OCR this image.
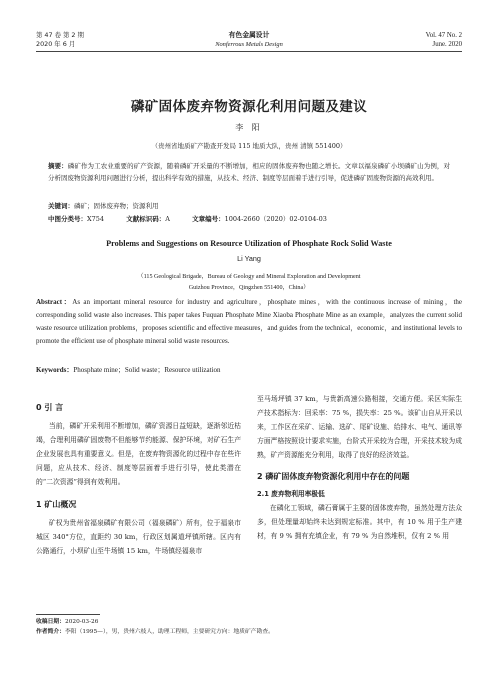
第 47 卷 第 2 期
2020 年 6 月
有色金属设计
Nonferrous Metals Design
Vol. 47 No. 2
June. 2020
磷矿固体废弃物资源化利用问题及建议
李 阳
（贵州省地质矿产勘查开发局 115 地质大队，贵州 清镇 551400）
摘要：磷矿作为工农业重要的矿产资源，随着磷矿开采量的不断增加，相应的固体废弃物也随之增长。文章以福泉磷矿小坝磷矿山为例，对分析固废物资源利用问题进行分析，提出科学有效的措施，从技术、经济、制度等层面着手进行引导，促进磷矿固废物资源的高效利用。
关键词：磷矿；固体废弃物；资源利用
中图分类号：X754	文献标识码：A	文章编号：1004-2660（2020）02-0104-03
Problems and Suggestions on Resource Utilization of Phosphate Rock Solid Waste
Li Yang
（115 Geological Brigade，Bureau of Geology and Mineral Exploration and Development
Guizhou Province，Qingzhen 551400，China）
Abstract：As an important mineral resource for industry and agriculture，phosphate mines，with the continuous increase of mining，the corresponding solid waste also increases. This paper takes Fuquan Phosphate Mine Xiaoba Phosphate Mine as an example，analyzes the current solid waste resource utilization problems，proposes scientific and effective measures，and guides from the technical，economic，and institutional levels to promote the efficient use of phosphate mineral solid waste resources.
Keywords：Phosphate mine；Solid waste；Resource utilization
0 引 言
当前，磷矿开采利用不断增加，磷矿资源日益短缺，逐渐邻近枯竭，合理利用磷矿固废物不但能够节约能源、保护环境，对矿石生产企业发展也具有重要意义。但是，在废弃物资源化的过程中存在些许问题，应从技术、经济、制度等层面着手进行引导，使此类潜在的“二次资源”得到有效利用。
1 矿山概况
矿权为贵州省福泉磷矿有限公司（福泉磷矿）所有，位于福泉市城区 340°方位，直距约 30 km，行政区划属道坪镇所辖。区内有公路通行，小坝矿山至牛场镇 15 km，牛场镇经福泉市
至马场坪镇 37 km，与贵新高速公路相接，交通方便。采区实际生产技术指标为：回采率：75 %，损失率：25 %。该矿山自从开采以来，工作区在采矿、运输、选矿、尾矿设施、给排水、电气、通讯等方面严格按照设计要求实施，台阶式开采较为合理，开采技术较为成熟，矿产资源能充分利用，取得了良好的经济效益。
2 磷矿固体废弃物资源化利用中存在的问题
2.1 废弃物利用率极低
在磷化工领域，磷石膏属于主要的固体废弃物，虽然处理方法众多，但处理量却始终未达到规定标准。其中，有 10 % 用于生产建材，有 9 % 拥有充填企业，有 79 % 为自然堆积，仅有 2 % 用
收稿日期：2020-03-26
作者简介：李阳（1995—），男，贵州六枝人，助理工程师，主要研究方向：地质矿产勘查。
